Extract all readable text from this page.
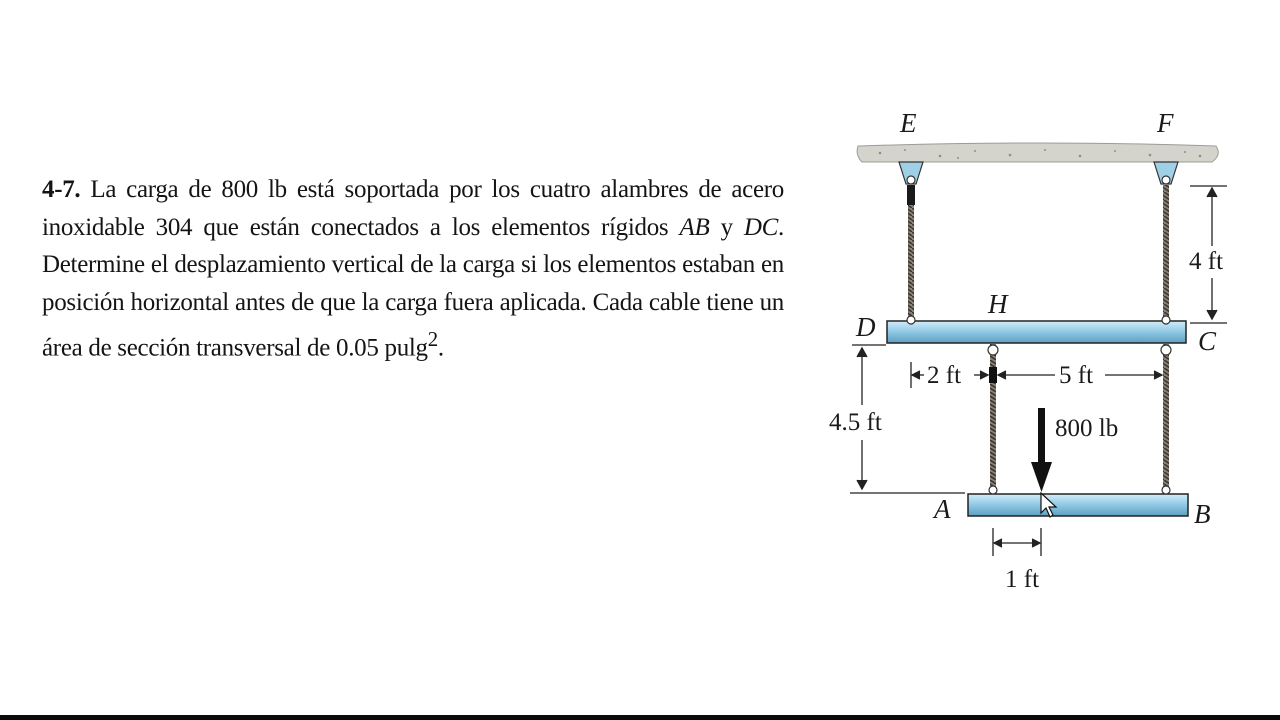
4-7. La carga de 800 lb está soportada por los cuatro alambres de acero inoxidable 304 que están conectados a los elementos rígidos AB y DC. Determine el desplazamiento vertical de la carga si los elementos estaban en posición horizontal antes de que la carga fuera aplicada. Cada cable tiene un área de sección transversal de 0.05 pulg$^2$.

E	F
D
H
C
A	B
4 ft
4.5 ft
2 ft	5 ft
1 ft
800 lb
